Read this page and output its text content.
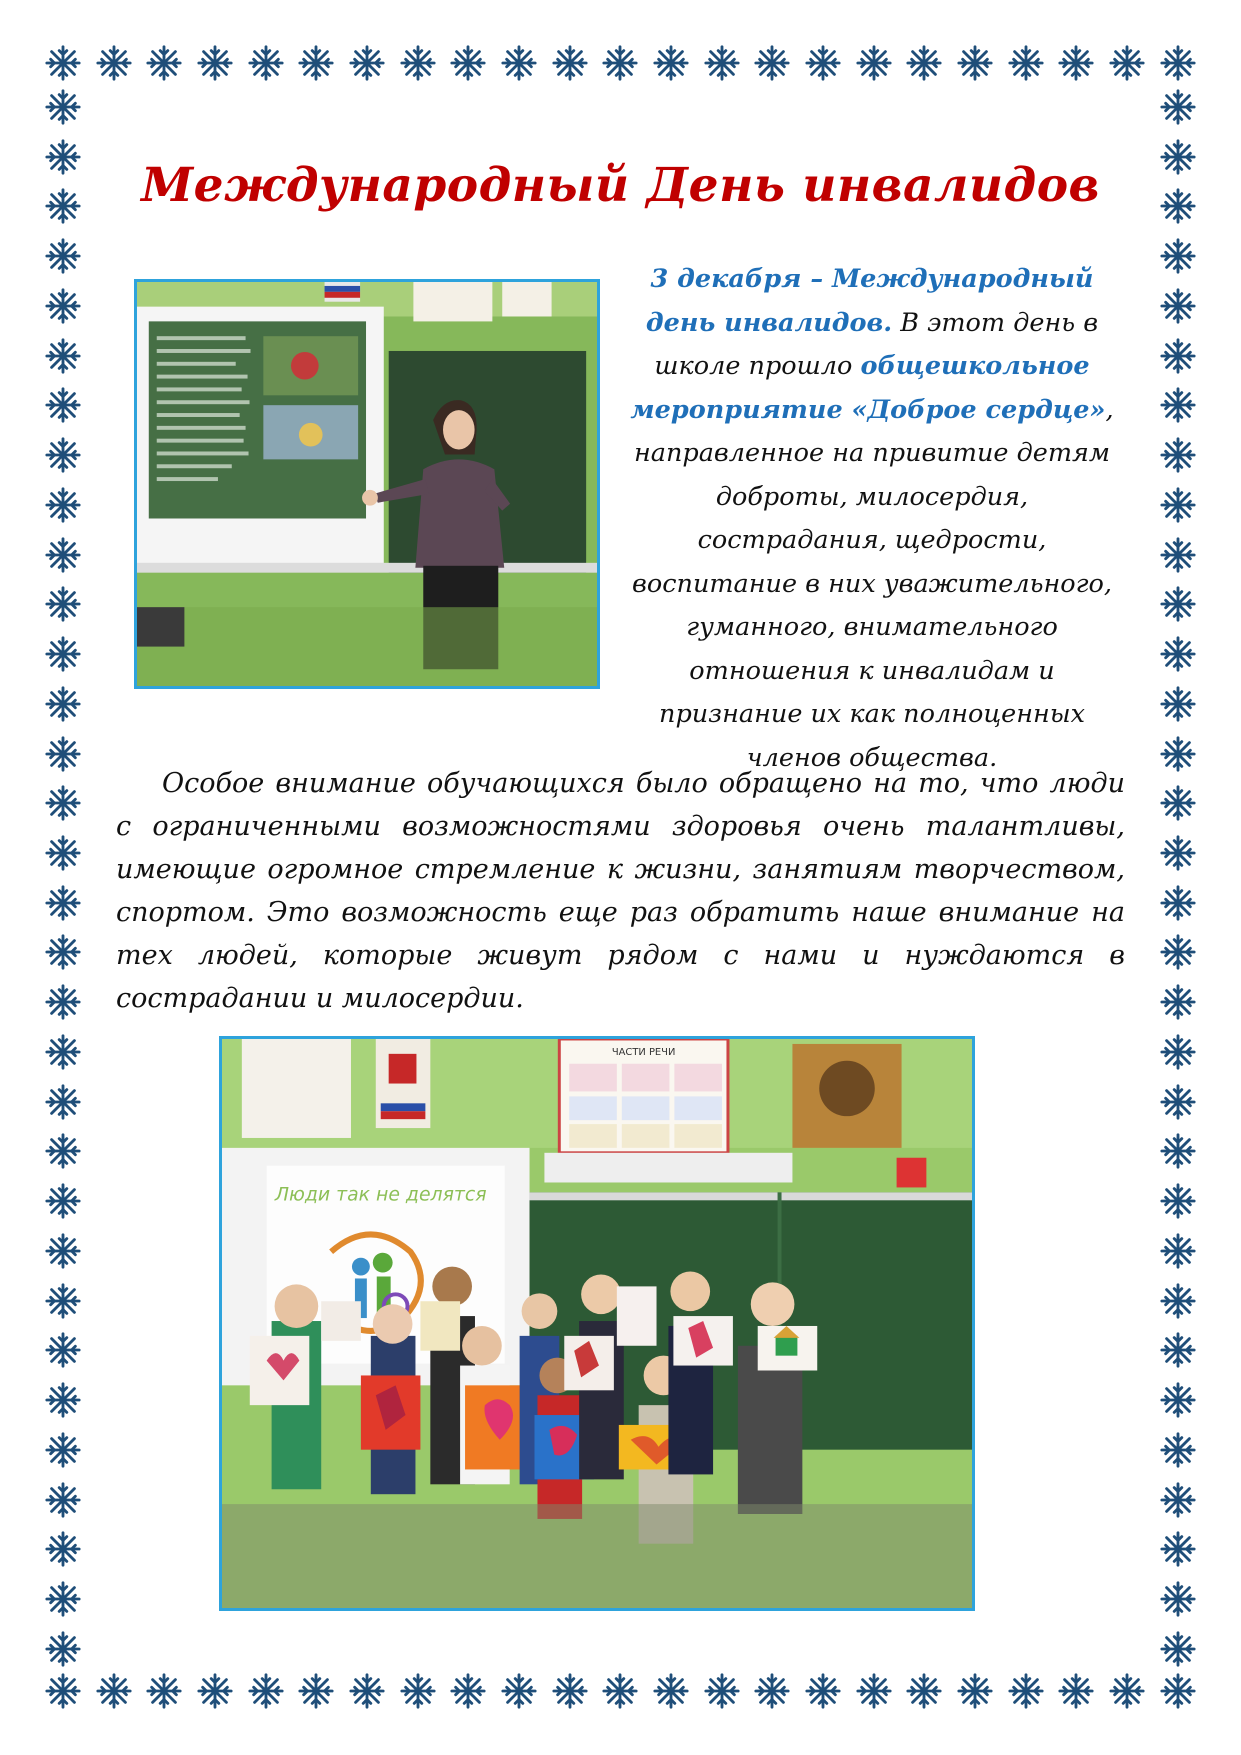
Международный День инвалидов

3 декабря – Международный день инвалидов. В этот день в школе прошло общешкольное мероприятие «Доброе сердце», направленное на привитие детям доброты, милосердия, сострадания, щедрости, воспитание в них уважительного, гуманного, внимательного отношения к инвалидам и признание их как полноценных членов общества.

Особое внимание обучающихся было обращено на то, что люди с ограниченными возможностями здоровья очень талантливы, имеющие огромное стремление к жизни, занятиям творчеством, спортом. Это возможность еще раз обратить наше внимание на тех людей, которые живут рядом с нами и нуждаются в сострадании и милосердии.

ЧАСТИ РЕЧИ
Люди так не делятся
